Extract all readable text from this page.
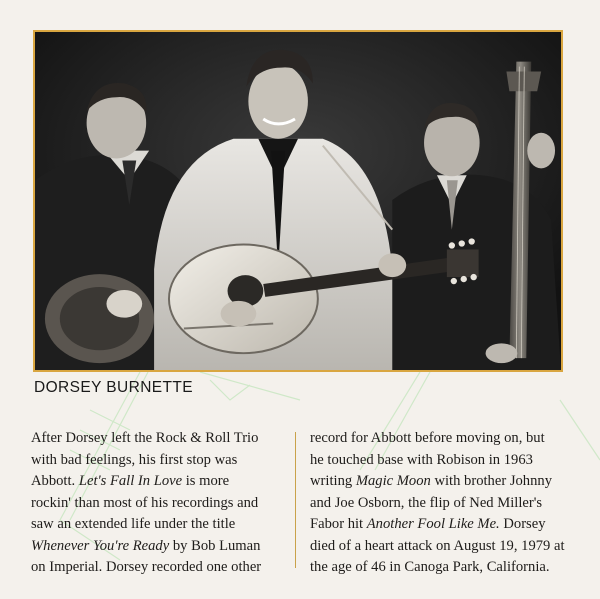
DORSEY BURNETTE
After Dorsey left the Rock & Roll Trio
with bad feelings, his first stop was
Abbott. Let's Fall In Love is more
rockin' than most of his recordings and
saw an extended life under the title
Whenever You're Ready by Bob Luman
on Imperial. Dorsey recorded one other
record for Abbott before moving on, but
he touched base with Robison in 1963
writing Magic Moon with brother Johnny
and Joe Osborn, the flip of Ned Miller's
Fabor hit Another Fool Like Me. Dorsey
died of a heart attack on August 19, 1979 at
the age of 46 in Canoga Park, California.
